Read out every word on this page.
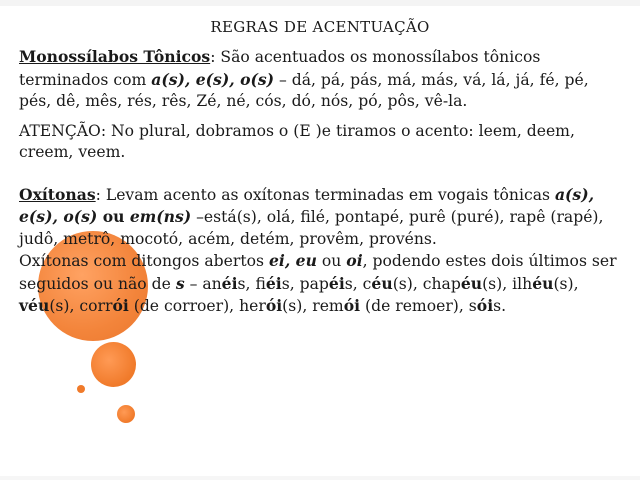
REGRAS DE ACENTUAÇÃO

Monossílabos Tônicos: São acentuados os monossílabos tônicos terminados com a(s), e(s), o(s) – dá, pá, pás, má, más, vá, lá, já, fé, pé, pés, dê, mês, rés, rês, Zé, né, cós, dó, nós, pó, pôs, vê-la.

ATENÇÃO: No plural, dobramos o (E )e tiramos o acento: leem, deem, creem, veem.

Oxítonas: Levam acento as oxítonas terminadas em vogais tônicas a(s), e(s), o(s) ou em(ns) –está(s), olá, filé, pontapé, purê (puré), rapê (rapé), judô, metrô, mocotó, acém, detém, provêm, provéns.
Oxítonas com ditongos abertos ei, eu ou oi, podendo estes dois últimos ser seguidos ou não de s – anéis, fiéis, papéis, céu(s), chapéu(s), ilhéu(s), véu(s), corrói (de corroer), herói(s), remói (de remoer), sóis.
